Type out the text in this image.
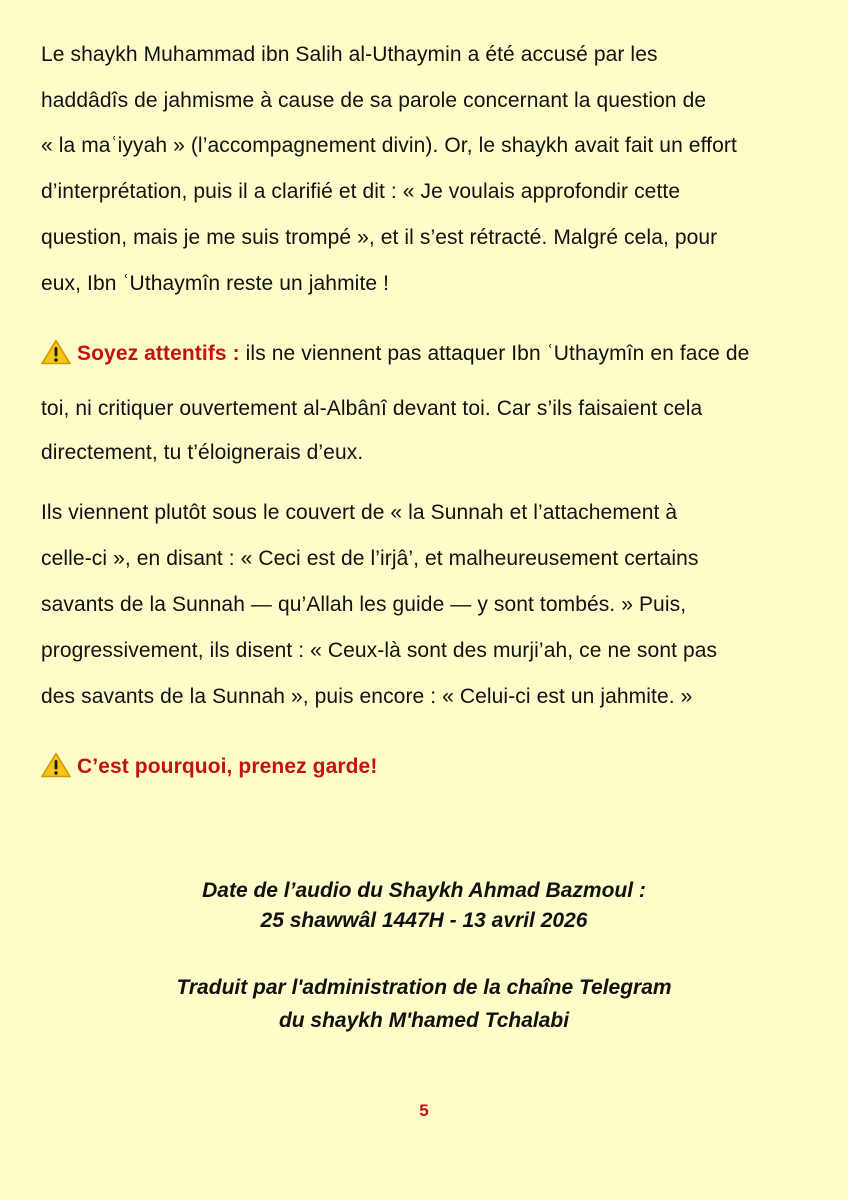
Le shaykh Muhammad ibn Salih al-Uthaymin a été accusé par les
haddâdîs de jahmisme à cause de sa parole concernant la question de
« la maʿiyyah » (l’accompagnement divin). Or, le shaykh avait fait un effort
d’interprétation, puis il a clarifié et dit : « Je voulais approfondir cette
question, mais je me suis trompé », et il s’est rétracté. Malgré cela, pour
eux, Ibn ʿUthaymîn reste un jahmite !
Soyez attentifs : ils ne viennent pas attaquer Ibn ʿUthaymîn en face de
toi, ni critiquer ouvertement al-Albânî devant toi. Car s’ils faisaient cela
directement, tu t’éloignerais d’eux.
Ils viennent plutôt sous le couvert de « la Sunnah et l’attachement à
celle-ci », en disant : « Ceci est de l’irjâ’, et malheureusement certains
savants de la Sunnah — qu’Allah les guide — y sont tombés. » Puis,
progressivement, ils disent : « Ceux-là sont des murji’ah, ce ne sont pas
des savants de la Sunnah », puis encore : « Celui-ci est un jahmite. »
C’est pourquoi, prenez garde!
Date de l’audio du Shaykh Ahmad Bazmoul :
25 shawwâl 1447H - 13 avril 2026
Traduit par l'administration de la chaîne Telegram
du shaykh M'hamed Tchalabi
5
